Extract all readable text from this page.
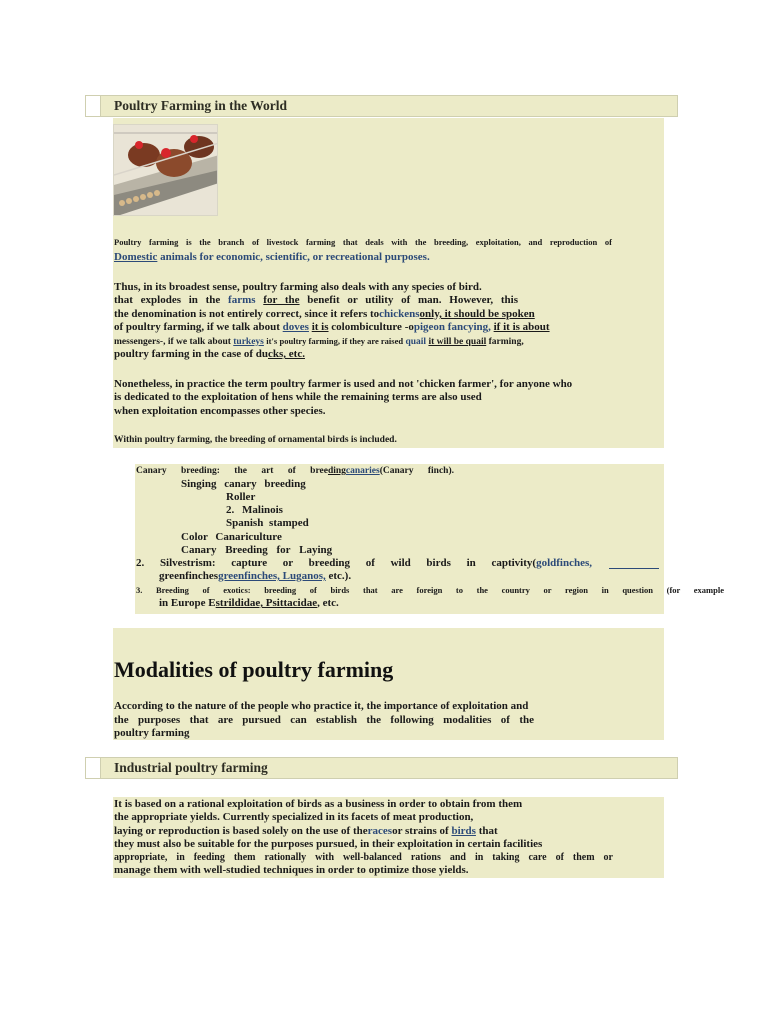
Poultry Farming in the World
Poultry farming is the branch of livestock farming that deals with the breeding, exploitation, and reproduction of
Domestic animals for economic, scientific, or recreational purposes.
Thus, in its broadest sense, poultry farming also deals with any species of bird.
that explodes in the farms for the benefit or utility of man. However, this
the denomination is not entirely correct, since it refers tochickensonly, it should be spoken
of poultry farming, if we talk about doves it is colombiculture -opigeon fancying, if it is about
messengers-, if we talk about turkeys it's poultry farming, if they are raised quail it will be quail farming,
poultry farming in the case of ducks, etc.
Nonetheless, in practice the term poultry farmer is used and not 'chicken farmer', for anyone who
is dedicated to the exploitation of hens while the remaining terms are also used
when exploitation encompasses other species.
Within poultry farming, the breeding of ornamental birds is included.
Canary breeding: the art of breedingcanaries(Canary finch).
Singing canary breeding
Roller
2. Malinois
Spanish stamped
Color Canariculture
Canary Breeding for Laying
2. Silvestrism: capture or breeding of wild birds in captivity(goldfinches,
greenfinchesgreenfinches, Luganos, etc.).
3. Breeding of exotics: breeding of birds that are foreign to the country or region in question (for example
in Europe Estrildidae, Psittacidae, etc.
Modalities of poultry farming
According to the nature of the people who practice it, the importance of exploitation and
the purposes that are pursued can establish the following modalities of the
poultry farming
Industrial poultry farming
It is based on a rational exploitation of birds as a business in order to obtain from them
the appropriate yields. Currently specialized in its facets of meat production,
laying or reproduction is based solely on the use of theracesor strains of birds that
they must also be suitable for the purposes pursued, in their exploitation in certain facilities
appropriate, in feeding them rationally with well-balanced rations and in taking care of them or
manage them with well-studied techniques in order to optimize those yields.
